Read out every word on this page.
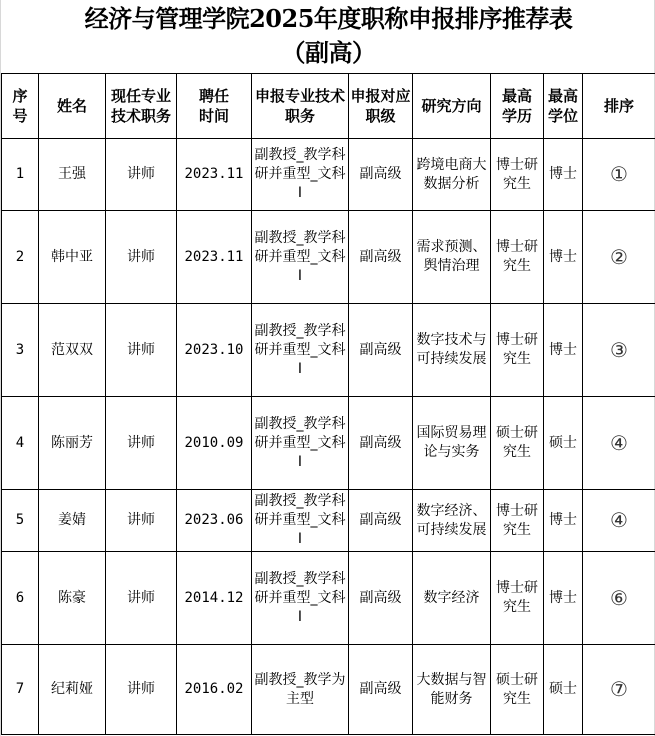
经济与管理学院2025年度职称申报排序推荐表
（副高）
序号	姓名	现任专业技术职务	聘任时间	申报专业技术职务	申报对应职级	研究方向	最高学历	最高学位	排序
1	王强	讲师	2023.11	副教授_教学科研并重型_文科Ⅰ	副高级	跨境电商大数据分析	博士研究生	博士	①
2	韩中亚	讲师	2023.11	副教授_教学科研并重型_文科Ⅰ	副高级	需求预测、舆情治理	博士研究生	博士	②
3	范双双	讲师	2023.10	副教授_教学科研并重型_文科Ⅰ	副高级	数字技术与可持续发展	博士研究生	博士	③
4	陈丽芳	讲师	2010.09	副教授_教学科研并重型_文科Ⅰ	副高级	国际贸易理论与实务	硕士研究生	硕士	④
5	姜婧	讲师	2023.06	副教授_教学科研并重型_文科Ⅰ	副高级	数字经济、可持续发展	博士研究生	博士	④
6	陈豪	讲师	2014.12	副教授_教学科研并重型_文科Ⅰ	副高级	数字经济	博士研究生	博士	⑥
7	纪莉娅	讲师	2016.02	副教授_教学为主型	副高级	大数据与智能财务	硕士研究生	硕士	⑦
